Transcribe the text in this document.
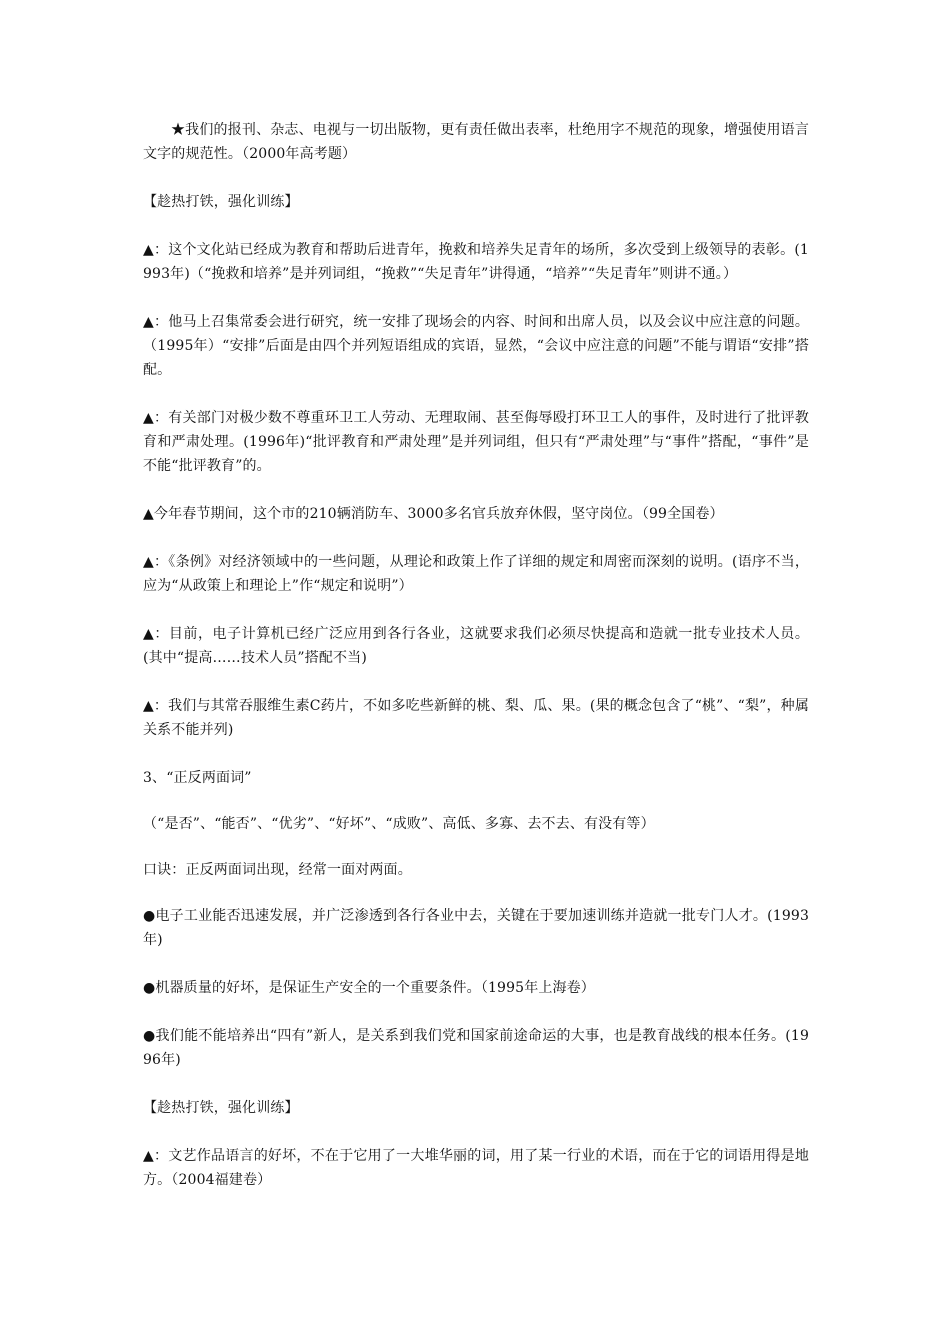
★我们的报刊、杂志、电视与一切出版物，更有责任做出表率，杜绝用字不规范的现象，增强使用语言文字的规范性。（2000年高考题）

【趁热打铁，强化训练】

▲：这个文化站已经成为教育和帮助后进青年，挽救和培养失足青年的场所，多次受到上级领导的表彰。(1993年)（“挽救和培养”是并列词组，“挽救”“失足青年”讲得通，“培养”“失足青年”则讲不通。）

▲：他马上召集常委会进行研究，统一安排了现场会的内容、时间和出席人员，以及会议中应注意的问题。（1995年）“安排”后面是由四个并列短语组成的宾语，显然，“会议中应注意的问题”不能与谓语“安排”搭配。

▲：有关部门对极少数不尊重环卫工人劳动、无理取闹、甚至侮辱殴打环卫工人的事件，及时进行了批评教育和严肃处理。(1996年)“批评教育和严肃处理”是并列词组，但只有“严肃处理”与“事件”搭配，“事件”是不能“批评教育”的。

▲今年春节期间，这个市的210辆消防车、3000多名官兵放弃休假，坚守岗位。（99全国卷）

▲：《条例》对经济领域中的一些问题，从理论和政策上作了详细的规定和周密而深刻的说明。(语序不当，应为“从政策上和理论上”作“规定和说明”）

▲：目前，电子计算机已经广泛应用到各行各业，这就要求我们必须尽快提高和造就一批专业技术人员。(其中“提高……技术人员”搭配不当)

▲：我们与其常吞服维生素C药片，不如多吃些新鲜的桃、梨、瓜、果。(果的概念包含了“桃”、“梨”，种属关系不能并列)

3、“正反两面词”

（“是否”、“能否”、“优劣”、“好坏”、“成败”、高低、多寡、去不去、有没有等）

口诀：正反两面词出现，经常一面对两面。

●电子工业能否迅速发展，并广泛渗透到各行各业中去，关键在于要加速训练并造就一批专门人才。(1993年)

●机器质量的好坏，是保证生产安全的一个重要条件。（1995年上海卷）

●我们能不能培养出“四有”新人，是关系到我们党和国家前途命运的大事，也是教育战线的根本任务。(1996年)

【趁热打铁，强化训练】

▲：文艺作品语言的好坏，不在于它用了一大堆华丽的词，用了某一行业的术语，而在于它的词语用得是地方。（2004福建卷）
